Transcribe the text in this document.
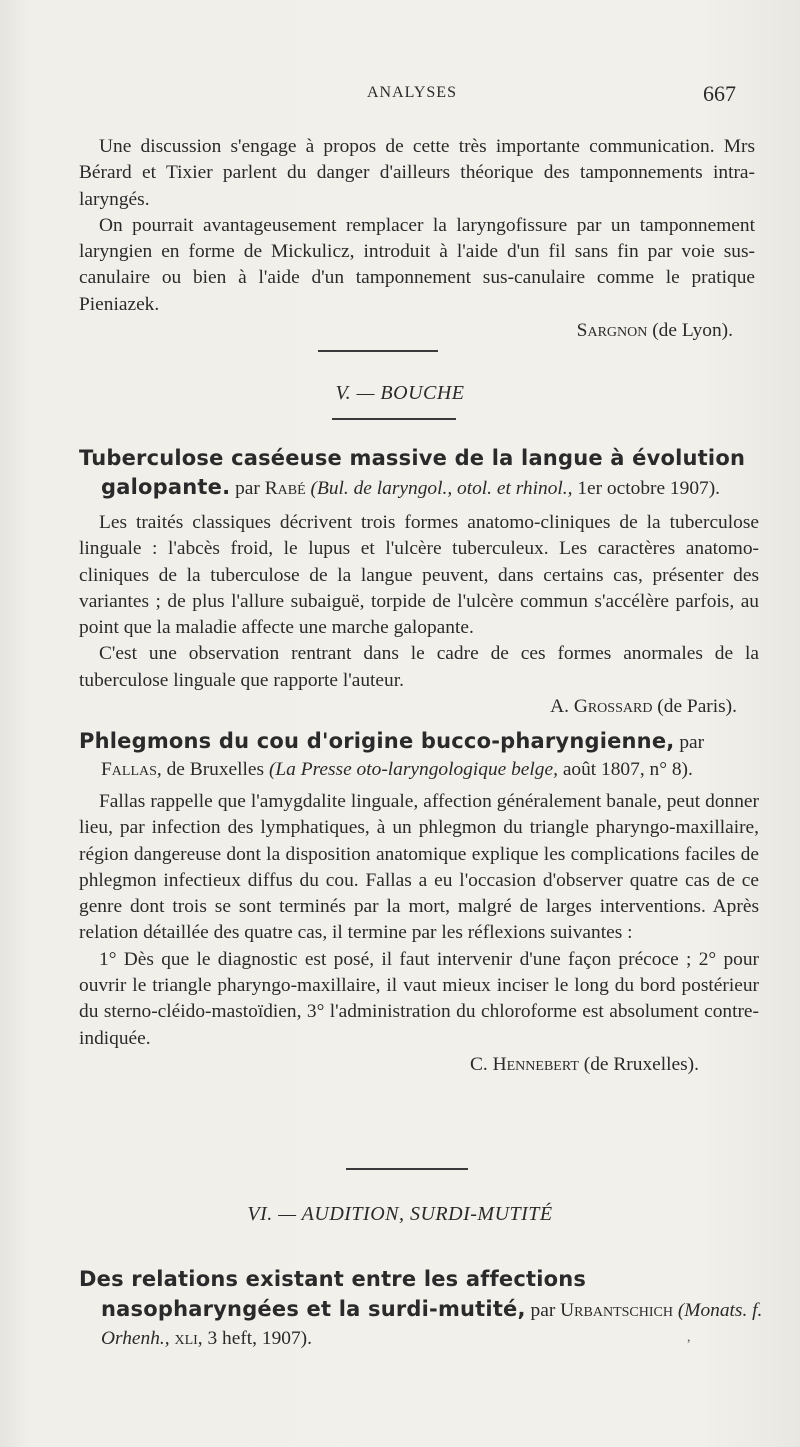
ANALYSES	667

Une discussion s'engage à propos de cette très importante communication. Mrs Bérard et Tixier parlent du danger d'ailleurs théorique des tamponnements intra-laryngés.

On pourrait avantageusement remplacer la laryngofissure par un tamponnement laryngien en forme de Mickulicz, introduit à l'aide d'un fil sans fin par voie sus-canulaire ou bien à l'aide d'un tamponnement sus-canulaire comme le pratique Pieniazek.

Sargnon (de Lyon).

V. — BOUCHE

Tuberculose caséeuse massive de la langue à évolution galopante. par Rabé (Bul. de laryngol., otol. et rhinol., 1er octobre 1907).

Les traités classiques décrivent trois formes anatomo-cliniques de la tuberculose linguale : l'abcès froid, le lupus et l'ulcère tuberculeux. Les caractères anatomo-cliniques de la tuberculose de la langue peuvent, dans certains cas, présenter des variantes ; de plus l'allure subaiguë, torpide de l'ulcère commun s'accélère parfois, au point que la maladie affecte une marche galopante.

C'est une observation rentrant dans le cadre de ces formes anormales de la tuberculose linguale que rapporte l'auteur.

A. Grossard (de Paris).

Phlegmons du cou d'origine bucco-pharyngienne, par Fallas, de Bruxelles (La Presse oto-laryngologique belge, août 1807, n° 8).

Fallas rappelle que l'amygdalite linguale, affection généralement banale, peut donner lieu, par infection des lymphatiques, à un phlegmon du triangle pharyngo-maxillaire, région dangereuse dont la disposition anatomique explique les complications faciles de phlegmon infectieux diffus du cou. Fallas a eu l'occasion d'observer quatre cas de ce genre dont trois se sont terminés par la mort, malgré de larges interventions. Après relation détaillée des quatre cas, il termine par les réflexions suivantes :

1° Dès que le diagnostic est posé, il faut intervenir d'une façon précoce ; 2° pour ouvrir le triangle pharyngo-maxillaire, il vaut mieux inciser le long du bord postérieur du sterno-cléido-mastoïdien, 3° l'administration du chloroforme est absolument contre-indiquée.

C. Hennebert (de Rruxelles).

VI. — AUDITION, SURDI-MUTITÉ

Des relations existant entre les affections nasopharyngées et la surdi-mutité, par Urbantschich (Monats. f. Orhenh., xli, 3 heft, 1907).	,
